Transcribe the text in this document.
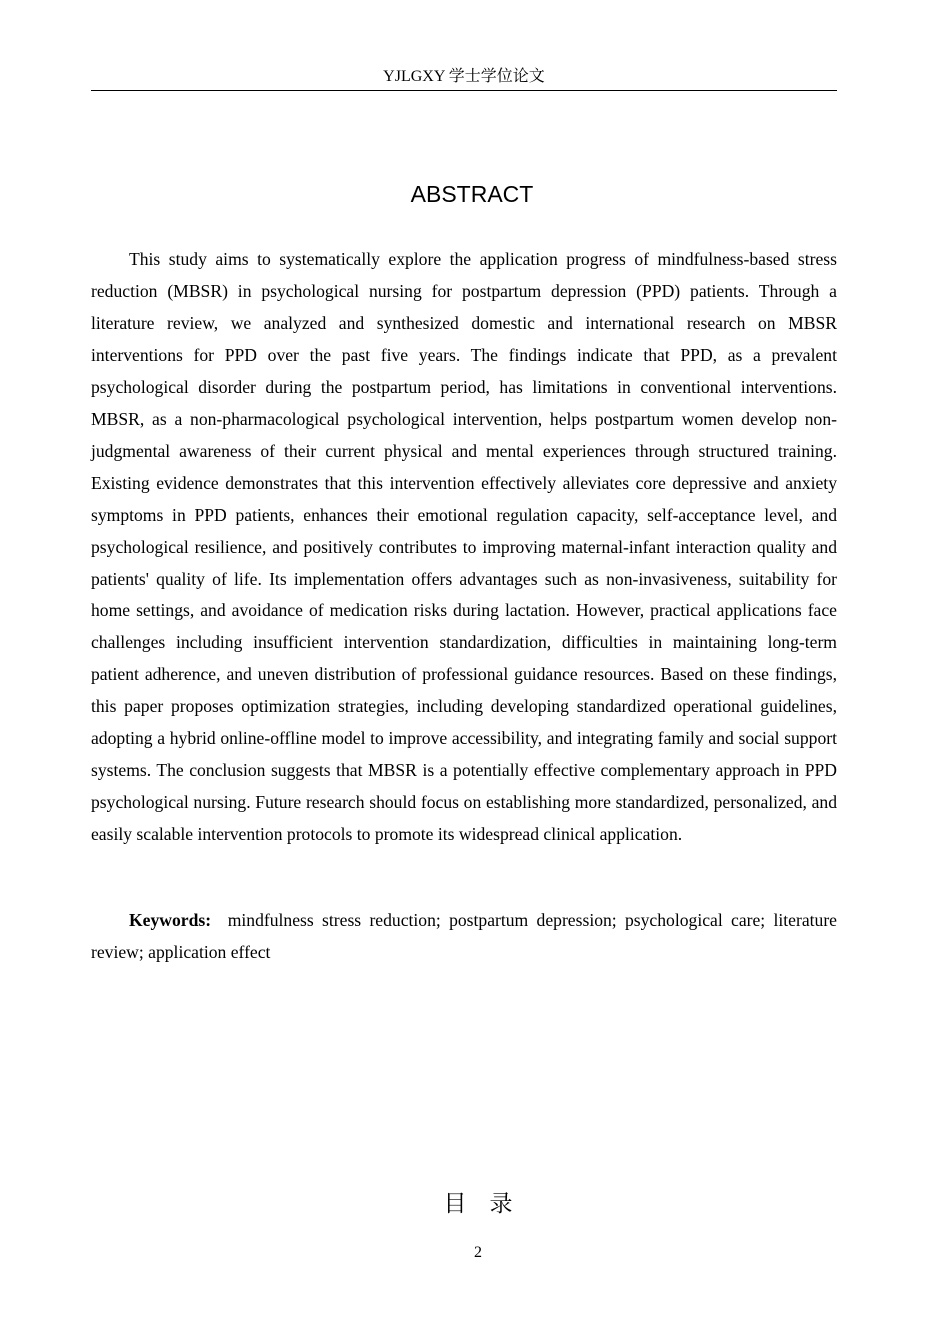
YJLGXY 学士学位论文
ABSTRACT

This study aims to systematically explore the application progress of mindfulness-based stress reduction (MBSR) in psychological nursing for postpartum depression (PPD) patients. Through a literature review, we analyzed and synthesized domestic and international research on MBSR interventions for PPD over the past five years. The findings indicate that PPD, as a prevalent psychological disorder during the postpartum period, has limitations in conventional interventions. MBSR, as a non-pharmacological psychological intervention, helps postpartum women develop non-judgmental awareness of their current physical and mental experiences through structured training. Existing evidence demonstrates that this intervention effectively alleviates core depressive and anxiety symptoms in PPD patients, enhances their emotional regulation capacity, self-acceptance level, and psychological resilience, and positively contributes to improving maternal-infant interaction quality and patients' quality of life. Its implementation offers advantages such as non-invasiveness, suitability for home settings, and avoidance of medication risks during lactation. However, practical applications face challenges including insufficient intervention standardization, difficulties in maintaining long-term patient adherence, and uneven distribution of professional guidance resources. Based on these findings, this paper proposes optimization strategies, including developing standardized operational guidelines, adopting a hybrid online-offline model to improve accessibility, and integrating family and social support systems. The conclusion suggests that MBSR is a potentially effective complementary approach in PPD psychological nursing. Future research should focus on establishing more standardized, personalized, and easily scalable intervention protocols to promote its widespread clinical application.

Keywords: mindfulness stress reduction; postpartum depression; psychological care; literature review; application effect

目　录
2
